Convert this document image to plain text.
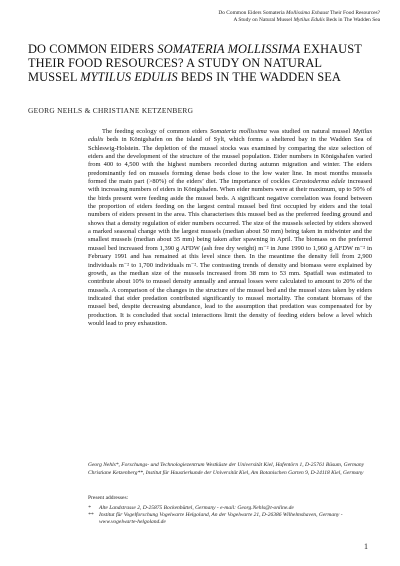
Do Common Eiders Somateria Mollissima Exhaust Their Food Resources?
A Study on Natural Mussel Mytilus Edulis Beds in The Wadden Sea
DO COMMON EIDERS SOMATERIA MOLLISSIMA EXHAUST THEIR FOOD RESOURCES? A STUDY ON NATURAL MUSSEL MYTILUS EDULIS BEDS IN THE WADDEN SEA
GEORG NEHLS & CHRISTIANE KETZENBERG

The feeding ecology of common eiders Somateria mollissima was studied on natural mussel Mytilus edulis beds in Königshafen on the island of Sylt, which forms a sheltered bay in the Wadden Sea of Schleswig-Holstein. The depletion of the mussel stocks was examined by comparing the size selection of eiders and the development of the structure of the mussel population. Eider numbers in Königshafen varied from 400 to 4,500 with the highest numbers recorded during autumn migration and winter. The eiders predominantly fed on mussels forming dense beds close to the low water line. In most months mussels formed the main part (>80%) of the eiders’ diet. The importance of cockles Cerastoderma edule increased with increasing numbers of eiders in Königshafen. When eider numbers were at their maximum, up to 50% of the birds present were feeding aside the mussel beds. A significant negative correlation was found between the proportion of eiders feeding on the largest central mussel bed first occupied by eiders and the total numbers of eiders present in the area. This characterises this mussel bed as the preferred feeding ground and shows that a density regulation of eider numbers occurred. The size of the mussels selected by eiders showed a marked seasonal change with the largest mussels (median about 50 mm) being taken in midwinter and the smallest mussels (median about 35 mm) being taken after spawning in April. The biomass on the preferred mussel bed increased from 1,390 g AFDW (ash free dry weight) m⁻² in June 1990 to 1,960 g AFDW m⁻² in February 1991 and has remained at this level since then. In the meantime the density fell from 2,900 individuals m⁻² to 1,700 individuals m⁻². The contrasting trends of density and biomass were explained by growth, as the median size of the mussels increased from 38 mm to 53 mm. Spatfall was estimated to contribute about 10% to mussel density annually and annual losses were calculated to amount to 20% of the mussels. A comparison of the changes in the structure of the mussel bed and the mussel sizes taken by eiders indicated that eider predation contributed significantly to mussel mortality. The constant biomass of the mussel bed, despite decreasing abundance, lead to the assumption that predation was compensated for by production. It is concluded that social interactions limit the density of feeding eiders below a level which would lead to prey exhaustion.

Georg Nehls*, Forschungs- und Technologiezentrum Westküste der Universität Kiel, Hafentörn 1, D-25761 Büsum, Germany

Christiane Ketzenberg**, Institut für Haustierkunde der Universität Kiel, Am Botanischen Garten 9, D-24118 Kiel, Germany

Present addresses:
*	Alte Landstrasse 2, D-25875 Bockenbüttel, Germany - e-mail: Georg.Nehls@t-online.de
**	Institut für Vogelforschung Vogelwarte Helgoland, An der Vogelwarte 21, D-26386 Wilhelmshaven, Germany - www.vogelwarte-helgoland.de
1
